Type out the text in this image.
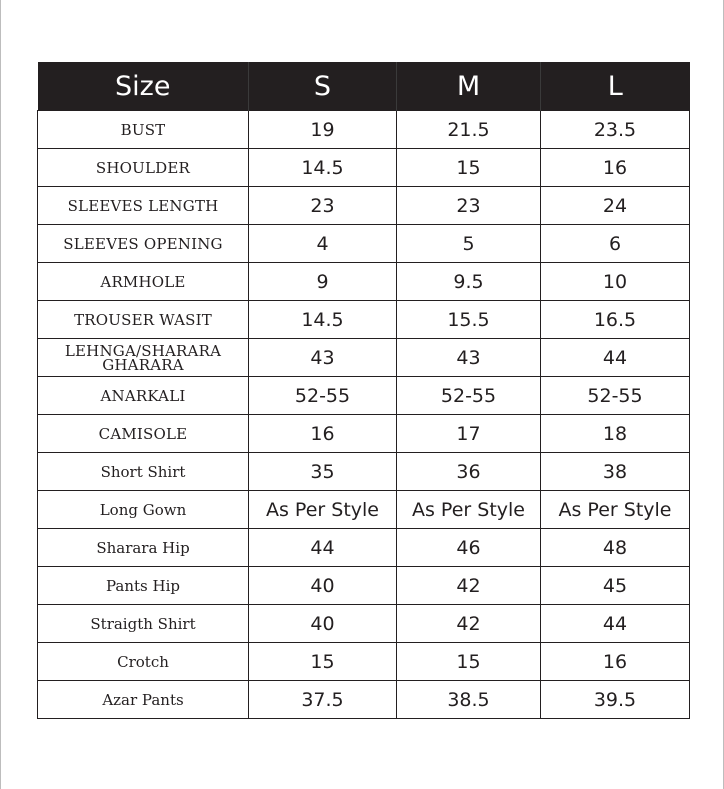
Size	S	M	L
BUST	19	21.5	23.5
SHOULDER	14.5	15	16
SLEEVES LENGTH	23	23	24
SLEEVES OPENING	4	5	6
ARMHOLE	9	9.5	10
TROUSER WASIT	14.5	15.5	16.5
LEHNGA/SHARARA GHARARA	43	43	44
ANARKALI	52-55	52-55	52-55
CAMISOLE	16	17	18
Short Shirt	35	36	38
Long Gown	As Per Style	As Per Style	As Per Style
Sharara Hip	44	46	48
Pants Hip	40	42	45
Straigth Shirt	40	42	44
Crotch	15	15	16
Azar Pants	37.5	38.5	39.5
